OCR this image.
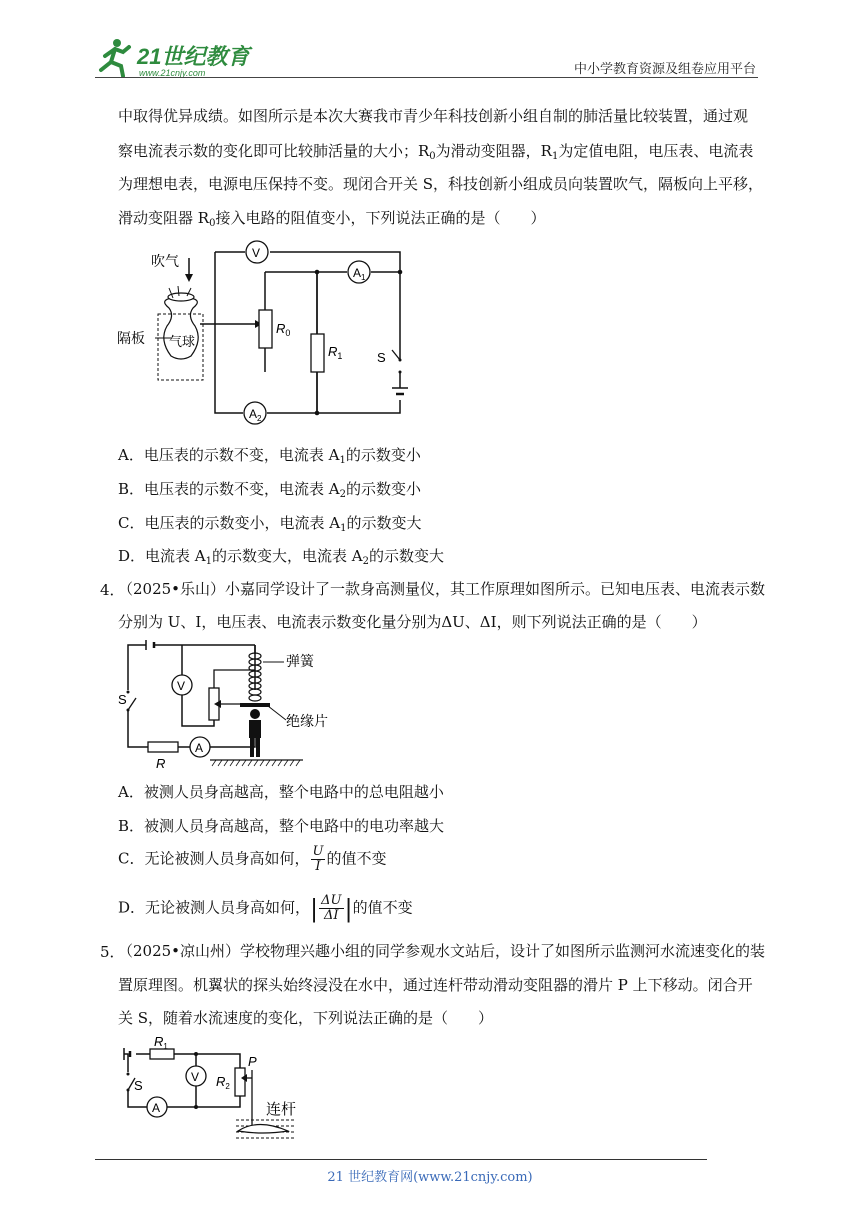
21世纪教育
www.21cnjy.com	中小学教育资源及组卷应用平台
中取得优异成绩。如图所示是本次大赛我市青少年科技创新小组自制的肺活量比较装置，通过观
察电流表示数的变化即可比较肺活量的大小；$R_0$为滑动变阻器，$R_1$为定值电阻，电压表、电流表
为理想电表，电源电压保持不变。现闭合开关 S，科技创新小组成员向装置吹气，隔板向上平移，
滑动变阻器 $R_0$接入电路的阻值变小，下列说法正确的是（　　）
吹气
隔板 气球
V
$A_1$
$A_2$
$R_0$
$R_1$	S
A．电压表的示数不变，电流表 $A_1$的示数变小
B．电压表的示数不变，电流表 $A_2$的示数变小
C．电压表的示数变小，电流表 $A_1$的示数变大
D．电流表 $A_1$的示数变大，电流表 $A_2$的示数变大
4．
（2025•乐山）小嘉同学设计了一款身高测量仪，其工作原理如图所示。已知电压表、电流表示数
分别为 U、I，电压表、电流表示数变化量分别为ΔU、ΔI，则下列说法正确的是（　　）
弹簧
绝缘片
S
V
A
R
A．被测人员身高越高，整个电路中的总电阻越小
B．被测人员身高越高，整个电路中的电功率越大
C．无论被测人员身高如何， $\frac{U}{I}$ 的值不变
D．无论被测人员身高如何，| $\frac{\Delta U}{\Delta I}$ |的值不变
5．
（2025•凉山州）学校物理兴趣小组的同学参观水文站后，设计了如图所示监测河水流速变化的装
置原理图。机翼状的探头始终浸没在水中，通过连杆带动滑动变阻器的滑片 P 上下移动。闭合开
关 S，随着水流速度的变化，下列说法正确的是（　　）
$R_1$
$R_2$
P
S
V
A	连杆
21 世纪教育网(www.21cnjy.com)
